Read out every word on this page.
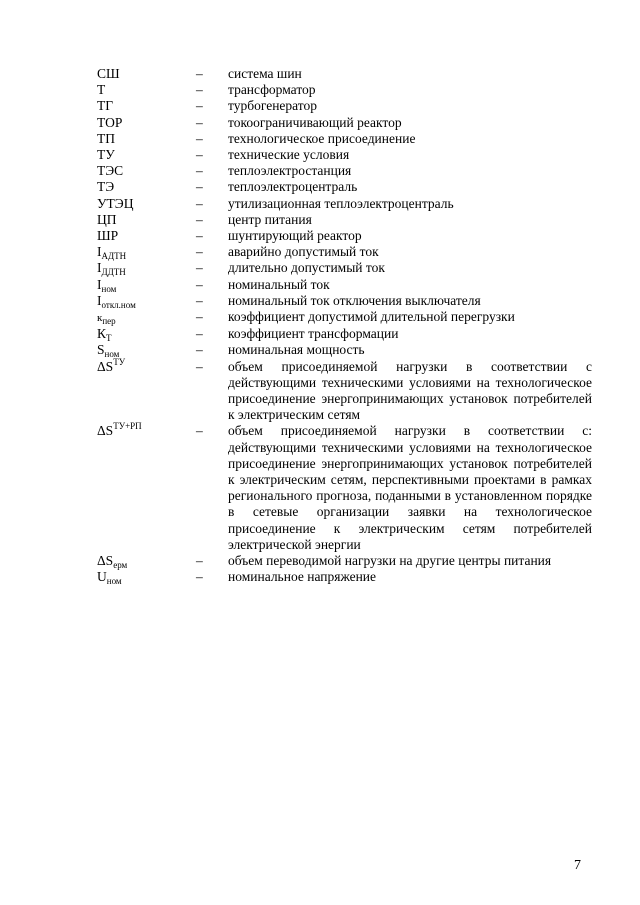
СШ	–	система шин
Т	–	трансформатор
ТГ	–	турбогенератор
ТОР	–	токоограничивающий реактор
ТП	–	технологическое присоединение
ТУ	–	технические условия
ТЭС	–	теплоэлектростанция
ТЭ	–	теплоэлектроцентраль
УТЭЦ	–	утилизационная теплоэлектроцентраль
ЦП	–	центр питания
ШР	–	шунтирующий реактор
$I_{АДТН}$	–	аварийно допустимый ток
$I_{ДДТН}$	–	длительно допустимый ток
$I_{ном}$	–	номинальный ток
$I_{откл.ном}$	–	номинальный ток отключения выключателя
$к_{пер}$	–	коэффициент допустимой длительной перегрузки
$К_Т$	–	коэффициент трансформации
$S_{ном}$	–	номинальная мощность
$\Delta S^{ТУ}$	–	объем присоединяемой нагрузки в соответствии с действующими техническими условиями на технологическое присоединение энергопринимающих установок потребителей к электрическим сетям
$\Delta S^{ТУ+РП}$	–	объем присоединяемой нагрузки в соответствии с: действующими техническими условиями на технологическое присоединение энергопринимающих установок потребителей к электрическим сетям, перспективными проектами в рамках регионального прогноза, поданными в установленном порядке в сетевые организации заявки на технологическое присоединение к электрическим сетям потребителей электрической энергии
$\Delta S_{ерм}$	–	объем переводимой нагрузки на другие центры питания
$U_{ном}$	–	номинальное напряжение
7
